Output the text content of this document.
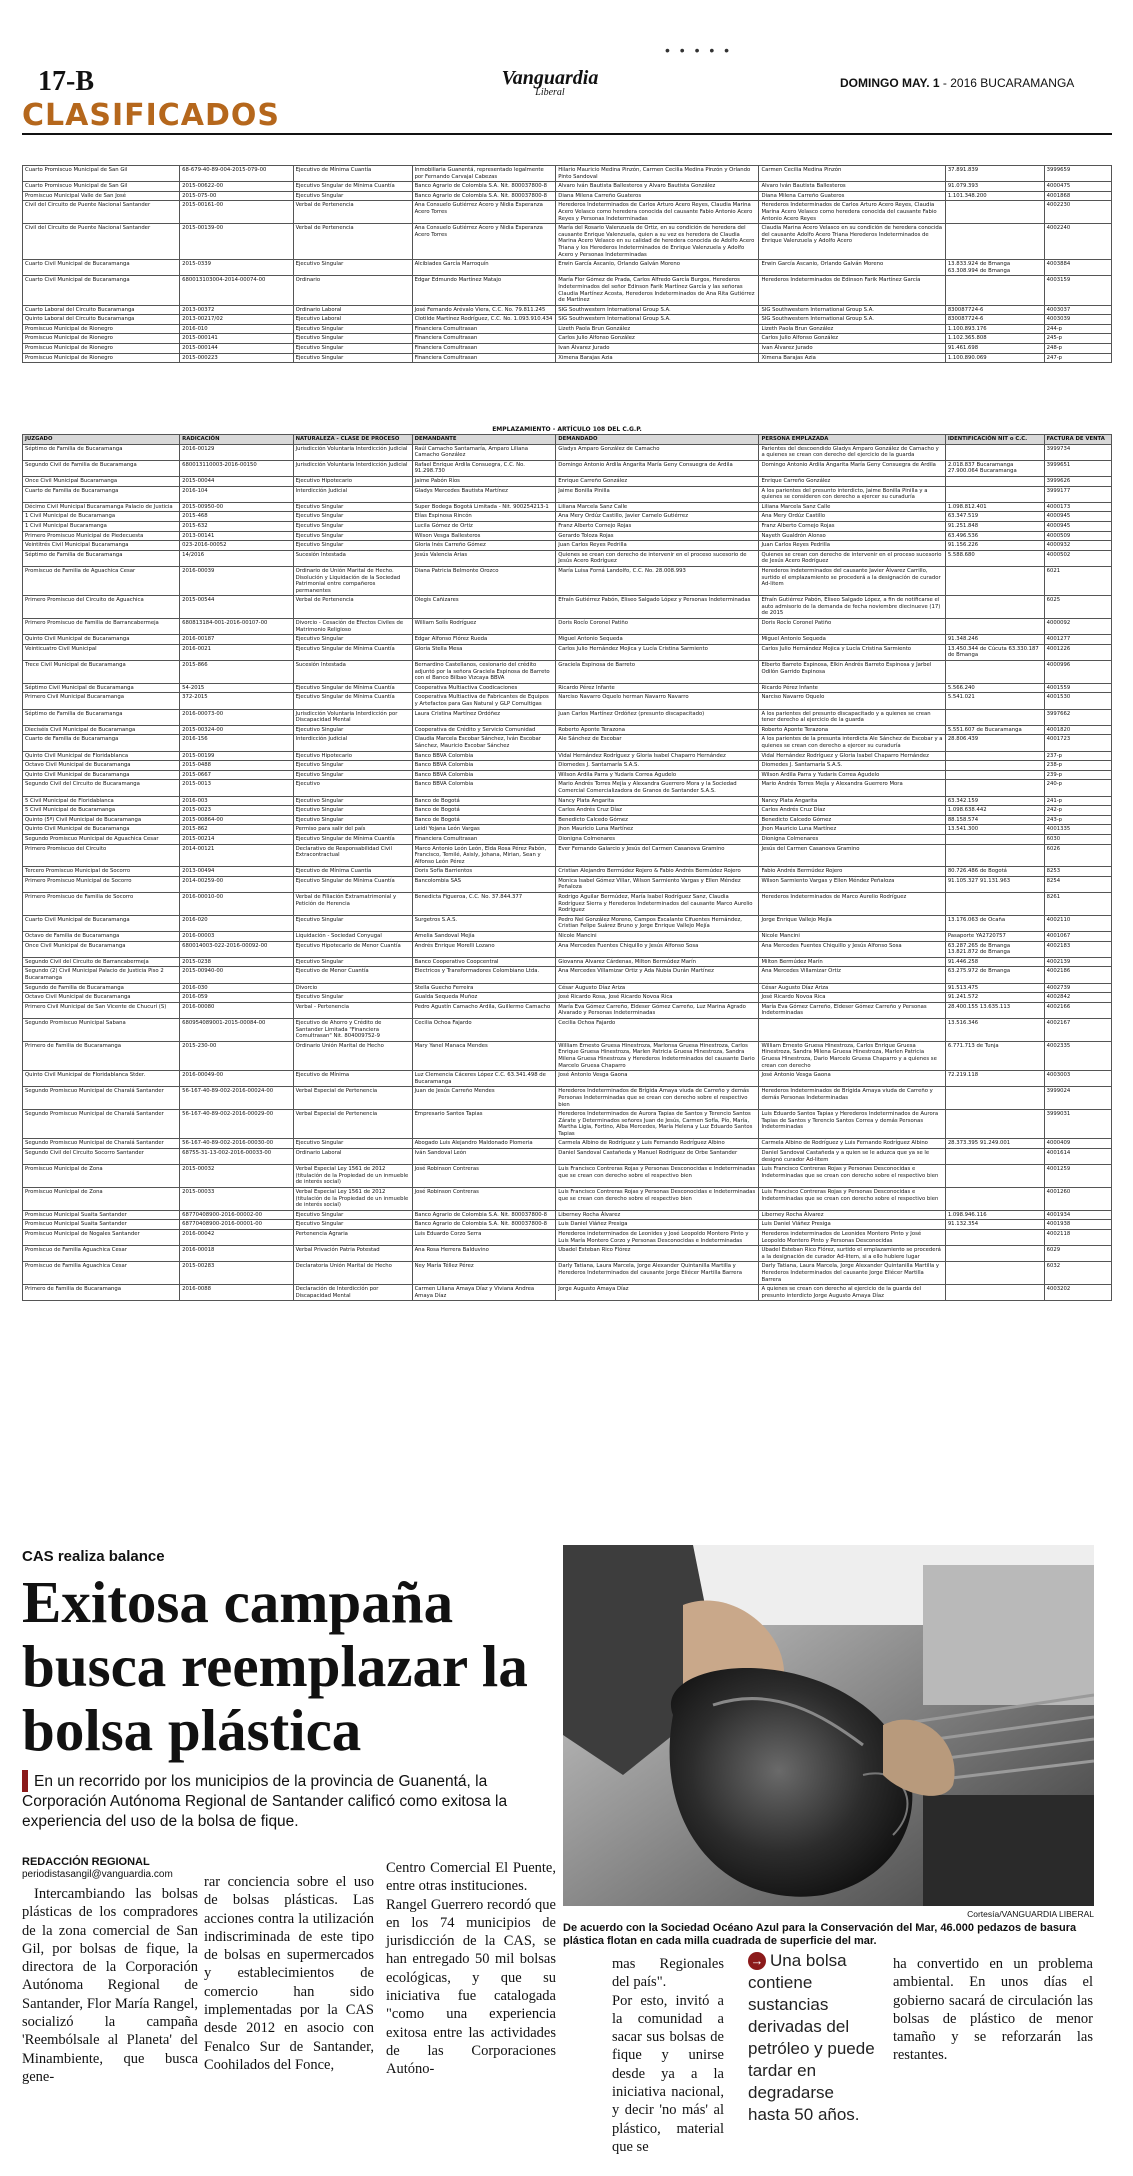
• • • • •
17-B	Vanguardia
Liberal
DOMINGO MAY. 1 - 2016 BUCARAMANGA
CLASIFICADOS
Cuarto Promiscuo Municipal de San Gil	68-679-40-89-004-2015-079-00	Ejecutivo de Mínima Cuantía	Inmobiliaria Guanentá, representado legalmente por Fernando Carvajal Cabezas	Hilario Mauricio Medina Pinzón, Carmen Cecilia Medina Pinzón y Orlando Pinto Sandoval	Carmen Cecilia Medina Pinzón	37.891.839	3999659
Cuarto Promiscuo Municipal de San Gil	2015-00622-00	Ejecutivo Singular de Mínima Cuantía	Banco Agrario de Colombia S.A. Nit. 800037800-8	Alvaro Iván Bautista Ballesteros y Alvaro Bautista González	Alvaro Iván Bautista Ballesteros	91.079.393	4000475
Promiscuo Municipal Valle de San José	2015-075-00	Ejecutivo Singular	Banco Agrario de Colombia S.A. Nit. 800037800-8	Diana Milena Carreño Guateros	Diana Milena Carreño Guateros	1.101.348.200	4001868
Civil del Circuito de Puente Nacional Santander	2015-00161-00	Verbal de Pertenencia	Ana Consuelo Gutiérrez Acero y Nidia Esperanza Acero Torres	Herederos Indeterminados de Carlos Arturo Acero Reyes, Claudia Marina Acero Velasco como heredera conocida del causante Fabio Antonio Acero Reyes y Personas Indeterminadas	Herederos Indeterminados de Carlos Arturo Acero Reyes, Claudia Marina Acero Velasco como heredera conocida del causante Fabio Antonio Acero Reyes		4002230
Civil del Circuito de Puente Nacional Santander	2015-00139-00	Verbal de Pertenencia	Ana Consuelo Gutiérrez Acero y Nidia Esperanza Acero Torres	María del Rosario Valenzuela de Ortiz, en su condición de heredera del causante Enrique Valenzuela, quien a su vez es heredera de Claudia Marina Acero Velasco en su calidad de heredera conocida de Adolfo Acero Triana y los Herederos Indeterminados de Enrique Valenzuela y Adolfo Acero y Personas Indeterminadas	Claudia Marina Acero Velasco en su condición de heredera conocida del causante Adolfo Acero Triana Herederos Indeterminados de Enrique Valenzuela y Adolfo Acero		4002240
Cuarto Civil Municipal de Bucaramanga	2015-0339	Ejecutivo Singular	Alcibiades García Marroquín	Erwin García Ascanio, Orlando Galván Moreno	Erwin García Ascanio, Orlando Galván Moreno	13.833.924 de Bmanga 63.308.994 de Bmanga	4003884
Cuarto Civil Municipal de Bucaramanga	680013103004-2014-00074-00	Ordinario	Edgar Edmundo Martínez Matajo	María Flor Gómez de Prada, Carlos Alfredo García Burgos, Herederos Indeterminados del señor Edinson Farik Martínez García y las señoras Claudia Martínez Acosta, Herederos Indeterminados de Ana Rita Gutiérrez de Martínez	Herederos Indeterminados de Edinson Farik Martínez García		4003159
Cuarto Laboral del Circuito Bucaramanga	2013-00372	Ordinario Laboral	José Fernando Arévalo Viera, C.C. No. 79.811.245	SIG Southwestern International Group S.A.	SIG Southwestern International Group S.A.	830087724-6	4003037
Quinto Laboral del Circuito Bucaramanga	2013-00217/02	Ejecutivo Laboral	Clotilde Martínez Rodríguez, C.C. No. 1.093.910.434	SIG Southwestern International Group S.A.	SIG Southwestern International Group S.A.	830087724-6	4003039
Promiscuo Municipal de Rionegro	2016-010	Ejecutivo Singular	Financiera Comultrasan	Lizeth Paola Brun González	Lizeth Paola Brun González	1.100.893.176	244-p
Promiscuo Municipal de Rionegro	2015-000141	Ejecutivo Singular	Financiera Comultrasan	Carlos Julio Alfonso González	Carlos Julio Alfonso González	1.102.365.808	245-p
Promiscuo Municipal de Rionegro	2015-000144	Ejecutivo Singular	Financiera Comultrasan	Ivan Álvarez Jurado	Ivan Álvarez Jurado	91.461.698	248-p
Promiscuo Municipal de Rionegro	2015-000223	Ejecutivo Singular	Financiera Comultrasan	Ximena Barajas Azia	Ximena Barajas Azia	1.100.890.069	247-p
EMPLAZAMIENTO - ARTÍCULO 108 DEL C.G.P.
JUZGADO	RADICACIÓN	NATURALEZA - CLASE DE PROCESO	DEMANDANTE	DEMANDADO	PERSONA EMPLAZADA	IDENTIFICACIÓN NIT o C.C.	FACTURA DE VENTA
Séptimo de Familia de Bucaramanga	2016-00129	Jurisdicción Voluntaria Interdicción Judicial	Raúl Camacho Santamaría, Amparo Liliana Camacho González	Gladys Amparo González de Camacho	Parientes del descoendido Gladys Amparo González de Camacho y a quienes se crean con derecho del ejercicio de la guarda		3999734
Segundo Civil de Familia de Bucaramanga	680013110003-2016-00150	Jurisdicción Voluntaria Interdicción Judicial	Rafael Enrique Ardila Consuegra, C.C. No. 91.298.730	Domingo Antonio Ardila Angarita María Geny Consuegra de Ardila	Domingo Antonio Ardila Angarita María Geny Consuegra de Ardila	2.018.837 Bucaramanga 27.900.064 Bucaramanga	3999651
Once Civil Municipal Bucaramanga	2015-00044	Ejecutivo Hipotecario	Jaime Pabón Ríos	Enrique Carreño González	Enrique Carreño González		3999626
Cuarto de Familia de Bucaramanga	2016-104	Interdicción Judicial	Gladys Mercedes Bautista Martínez	Jaime Bonilla Pinilla	A los parientes del presunto interdicto, Jaime Bonilla Pinilla y a quienes se consideren con derecho a ejercer su curaduría		3999177
Décimo Civil Municipal Bucaramanga Palacio de Justicia	2015-00950-00	Ejecutivo Singular	Super Bodega Bogotá Limitada - Nit. 900254213-1	Liliana Marcela Sanz Calle	Liliana Marcela Sanz Calle	1.098.812.401	4000173
1 Civil Municipal de Bucaramanga	2015-468	Ejecutivo Singular	Elías Espinosa Rincón	Ana Mery Ordúz Castillo, Javier Camelo Gutiérrez	Ana Mery Ordúz Castillo	63.347.519	4000945
1 Civil Municipal Bucaramanga	2015-632	Ejecutivo Singular	Lucila Gómez de Ortiz	Franz Alberto Cornejo Rojas	Franz Alberto Cornejo Rojas	91.251.848	4000945
Primero Promiscuo Municipal de Piedecuesta	2013-00141	Ejecutivo Singular	Wilson Vesga Ballesteros	Gerardo Toloza Rojas	Nayeth Gualdrón Alonso	63.496.536	4000509
Veintitrés Civil Municipal Bucaramanga	023-2016-00052	Ejecutivo Singular	Gloria Inés Carreño Gómez	Juan Carlos Reyes Pedrilla	Juan Carlos Reyes Pedrilla	91.156.226	4000932
Séptimo de Familia de Bucaramanga	14/2016	Sucesión Intestada	Jesús Valencia Arias	Quienes se crean con derecho de intervenir en el proceso sucesorio de Jesús Acero Rodríguez	Quienes se crean con derecho de intervenir en el proceso sucesorio de Jesús Acero Rodríguez	5.588.680	4000502
Promiscuo de Familia de Aguachica Cesar	2016-00039	Ordinario de Unión Marital de Hecho. Disolución y Liquidación de la Sociedad Patrimonial entre compañeros permanentes	Diana Patricia Belmonte Orozco	María Luisa Forná Landolfo, C.C. No. 28.008.993	Herederos indeterminados del causante Javier Álvarez Carrillo, surtido el emplazamiento se procederá a la designación de curador Ad-litem		6021
Primero Promiscuo del Circuito de Aguachica	2015-00544	Verbal de Pertenencia	Olegis Cañizares	Efraín Gutiérrez Pabón, Eliseo Salgado López y Personas Indeterminadas	Efraín Gutiérrez Pabón, Eliseo Salgado López, a fin de notificarse el auto admisorio de la demanda de fecha noviembre diecinueve (17) de 2015		6025
Primero Promiscuo de Familia de Barrancabermeja	680813184-001-2016-00107-00	Divorcio - Cesación de Efectos Civiles de Matrimonio Religioso	William Solís Rodríguez	Doris Rocío Coronel Patiño	Doris Rocío Coronel Patiño		4000092
Quinto Civil Municipal de Bucaramanga	2016-00187	Ejecutivo Singular	Edgar Alfonso Flórez Rueda	Miguel Antonio Sequeda	Miguel Antonio Sequeda	91.348.246	4001277
Veinticuatro Civil Municipal	2016-0021	Ejecutivo Singular de Mínima Cuantía	Gloria Stella Mesa	Carlos Julio Hernández Mojica y Lucía Cristina Sarmiento	Carlos Julio Hernández Mojica y Lucía Cristina Sarmiento	13.450.344 de Cúcuta 63.330.187 de Bmanga	4001226
Trece Civil Municipal de Bucaramanga	2015-866	Sucesión Intestada	Bernardino Castellanos, cesionario del crédito adjuntó por la señora Graciela Espinosa de Barreto con el Banco Bilbao Vizcaya BBVA	Graciela Espinosa de Barreto	Elberto Barreto Espinosa, Elkin Andrés Barreto Espinosa y Jarbel Odilón Garrido Espinosa		4000996
Séptimo Civil Municipal de Bucaramanga	54-2015	Ejecutivo Singular de Mínima Cuantía	Cooperativa Multiactiva Coodicaciones	Ricardo Pérez Infante	Ricardo Pérez Infante	5.566.240	4001559
Primero Civil Municipal Bucaramanga	372-2015	Ejecutivo Singular de Mínima Cuantía	Cooperativa Multiactiva de Fabricantes de Equipos y Artefactos para Gas Natural y GLP Comultigas	Narciso Navarro Oquelo herman Navarro Navarro	Narciso Navarro Oquelo	5.541.021	4001530
Séptimo de Familia de Bucaramanga	2016-00073-00	Jurisdicción Voluntaria Interdicción por Discapacidad Mental	Laura Cristina Martínez Ordóñez	Juan Carlos Martínez Ordóñez (presunto discapacitado)	A los parientes del presunto discapacitado y a quienes se crean tener derecho al ejercicio de la guarda		3997662
Dieciséis Civil Municipal de Bucaramanga	2015-00324-00	Ejecutivo Singular	Cooperativa de Crédito y Servicio Comunidad	Roberto Aponte Terazona	Roberto Aponte Terazona	5.551.607 de Bucaramanga	4001820
Cuarto de Familia de Bucaramanga	2016-156	Interdicción Judicial	Claudia Marcela Escobar Sánchez, Iván Escobar Sánchez, Mauricio Escobar Sánchez	Ale Sánchez de Escobar	A los parientes de la presunta interdicta Ale Sánchez de Escobar y a quienes se crean con derecho a ejercer su curaduría	28.806.439	4001723
Quinto Civil Municipal de Floridablanca	2015-00199	Ejecutivo Hipotecario	Banco BBVA Colombia	Vidal Hernández Rodríguez y Gloria Isabel Chaparro Hernández	Vidal Hernández Rodríguez y Gloria Isabel Chaparro Hernández		237-p
Octavo Civil Municipal de Bucaramanga	2015-0488	Ejecutivo Singular	Banco BBVA Colombia	Diomedes J. Santamaría S.A.S.	Diomedes J. Santamaría S.A.S.		238-p
Quinto Civil Municipal de Bucaramanga	2015-0667	Ejecutivo Singular	Banco BBVA Colombia	Wilson Ardila Parra y Yudaris Correa Agudelo	Wilson Ardila Parra y Yudaris Correa Agudelo		239-p
Segundo Civil del Circuito de Bucaramanga	2015-0013	Ejecutivo	Banco BBVA Colombia	Mario Andrés Torres Mejía y Alexandra Guerrero Mora y la Sociedad Comercial Comercializadora de Granos de Santander S.A.S.	Mario Andrés Torres Mejía y Alexandra Guerrero Mora		240-p
5 Civil Municipal de Floridablanca	2016-003	Ejecutivo Singular	Banco de Bogotá	Nancy Plata Angarita	Nancy Plata Angarita	63.342.159	241-p
5 Civil Municipal de Bucaramanga	2015-0023	Ejecutivo Singular	Banco de Bogotá	Carlos Andrés Cruz Díaz	Carlos Andrés Cruz Díaz	1.098.638.442	242-p
Quinto (5º) Civil Municipal de Bucaramanga	2015-00864-00	Ejecutivo Singular	Banco de Bogotá	Benedicto Calcedo Gómez	Benedicto Calcedo Gómez	88.158.574	243-p
Quinto Civil Municipal de Bucaramanga	2015-862	Permiso para salir del país	Leidi Yojana León Vargas	Jhon Mauricio Luna Martínez	Jhon Mauricio Luna Martínez	13.541.300	4001335
Segundo Promiscuo Municipal de Aguachica Cesar	2015-00214	Ejecutivo Singular de Mínima Cuantía	Financiera Comultrasan	Dionigna Colmenares	Dionigna Colmenares		6030
Primero Promiscuo del Circuito	2014-00121	Declarativo de Responsabilidad Civil Extracontractual	Marco Antonio León León, Elda Rosa Pérez Pabón, Francisco, Temilé, Asisly, Johana, Mirian, Sean y Alfonso León Pérez	Ever Fernando Galarcio y Jesús del Carmen Casanova Gramino	Jesús del Carmen Casanova Gramino		6026
Tercero Promiscuo Municipal de Socorro	2013-00494	Ejecutivo de Mínima Cuantía	Doris Sofía Barrientos	Cristian Alejandro Bermúdez Rojero & Fabio Andrés Bermúdez Rojero	Fabio Andrés Bermúdez Rojero	80.726.486 de Bogotá	8253
Primero Promiscuo Municipal de Socorro	2014-00259-00	Ejecutivo Singular de Mínima Cuantía	Bancolombia SAS	Monica Isabel Gómez Villar, Wilson Sarmiento Vargas y Ellen Méndez Peñaloza	Wilson Sarmiento Vargas y Ellen Méndez Peñaloza	91.105.327 91.131.963	8254
Primero Promiscuo de Familia de Socorro	2016-00010-00	Verbal de Filiación Extramatrimonial y Petición de Herencia	Benedicta Figueroa, C.C. No. 37.844.377	Rodrigo Aguilar Bermúdez, María Isabel Rodríguez Sanz, Claudia Rodríguez Sierra y Herederos Indeterminados del causante Marco Aurelio Rodríguez	Herederos Indeterminados de Marco Aurelio Rodríguez		8261
Cuarto Civil Municipal de Bucaramanga	2016-020	Ejecutivo Singular	Surgetros S.A.S.	Pedro Nel González Moreno, Campos Escalante Cifuentes Hernández, Cristian Felipe Suárez Bruno y Jorge Enrique Vallejo Mejía	Jorge Enrique Vallejo Mejía	13.176.063 de Ocaña	4002110
Octavo de Familia de Bucaramanga	2016-00003	Liquidación - Sociedad Conyugal	Amelia Sandoval Mejía	Nicole Mancini	Nicole Mancini	Pasaporte YA2720757	4001067
Once Civil Municipal de Bucaramanga	680014003-022-2016-00092-00	Ejecutivo Hipotecario de Menor Cuantía	Andrés Enrique Morelli Lozano	Ana Mercedes Fuentes Chiquillo y Jesús Alfonso Sosa	Ana Mercedes Fuentes Chiquillo y Jesús Alfonso Sosa	63.287.265 de Bmanga 13.821.872 de Bmanga	4002183
Segundo Civil del Circuito de Barrancabermeja	2015-0238	Ejecutivo Singular	Banco Cooperativo Coopcentral	Giovanna Alvarez Cárdenas, Milton Bermúdez Marín	Milton Bermúdez Marín	91.446.258	4002139
Segundo (2) Civil Municipal Palacio de Justicia Piso 2 Bucaramanga	2015-00940-00	Ejecutivo de Menor Cuantía	Electricos y Transformadores Colombiano Ltda.	Ana Mercedes Villamizar Ortiz y Ada Nubia Durán Martínez	Ana Mercedes Villamizar Ortiz	63.275.972 de Bmanga	4002186
Segundo de Familia de Bucaramanga	2016-030	Divorcio	Stella Guecho Ferreira	César Augusto Díaz Ariza	César Augusto Díaz Ariza	91.513.475	4002739
Octavo Civil Municipal de Bucaramanga	2016-059	Ejecutivo Singular	Gualda Sequeda Muñoz	José Ricardo Rosa, José Ricardo Novoa Rica	José Ricardo Novoa Rica	91.241.572	4002842
Primero Civil Municipal de San Vicente de Chucurí (S)	2016-00080	Verbal - Pertenencia	Pedro Agustín Camacho Ardila, Guillermo Camacho	María Eva Gómez Carreño, Eldeser Gómez Carreño, Luz Marina Agrado Alvarado y Personas Indeterminadas	María Eva Gómez Carreño, Eldeser Gómez Carreño y Personas Indeterminadas	28.400.155 13.635.113	4002166
Segundo Promiscuo Municipal Sabana	680954089001-2015-00084-00	Ejecutivo de Ahorro y Crédito de Santander Limitada "Financiera Comultrasan" Nit. 804009752-9	Cecilia Ochoa Fajardo	Cecilia Ochoa Fajardo		13.516.346	4002167
Primero de Familia de Bucaramanga	2015-230-00	Ordinario Unión Marital de Hecho	Mary Yanel Manaca Mendes	William Ernesto Gruesa Hinestroza, Marlonsa Gruesa Hinestroza, Carlos Enrique Gruesa Hinestroza, Marlen Patricia Gruesa Hinestroza, Sandra Milena Gruesa Hinestroza y Herederos Indeterminados del causante Dario Marcelo Gruesa Chaparro	William Ernesto Gruesa Hinestroza, Carlos Enrique Gruesa Hinestroza, Sandra Milena Gruesa Hinestroza, Marlen Patricia Gruesa Hinestroza, Dario Marcelo Gruesa Chaparro y a quienes se crean con derecho	6.771.713 de Tunja	4002335
Quinto Civil Municipal de Floridablanca Stder.	2016-00049-00	Ejecutivo de Mínima	Luz Clemencia Cáceres López C.C. 63.341.498 de Bucaramanga	José Antonio Vesga Gaona	José Antonio Vesga Gaona	72.219.118	4003003
Segundo Promiscuo Municipal de Charalá Santander	56-167-40-89-002-2016-00024-00	Verbal Especial de Pertenencia	Juan de Jesús Carreño Mendes	Herederos Indeterminados de Brígida Amaya viuda de Carreño y demás Personas Indeterminadas que se crean con derecho sobre el respectivo bien	Herederos Indeterminados de Brígida Amaya viuda de Carreño y demás Personas Indeterminadas		3999024
Segundo Promiscuo Municipal de Charalá Santander	56-167-40-89-002-2016-00029-00	Verbal Especial de Pertenencia	Empresario Santos Tapias	Herederos Indeterminados de Aurora Tapias de Santos y Terencio Santos Zárate y Determinados señores Juan de Jesús, Carmen Sofía, Pío, María, Martha Ligia, Fortino, Alba Mercedes, María Helena y Luz Eduardo Santos Tapias	Luis Eduardo Santos Tapias y Herederos Indeterminados de Aurora Tapias de Santos y Terencio Santos Correa y demás Personas Indeterminadas		3999031
Segundo Promiscuo Municipal de Charalá Santander	56-167-40-89-002-2016-00030-00	Ejecutivo Singular	Abogado Luis Alejandro Maldonado Plomeria	Carmela Albino de Rodríguez y Luis Fernando Rodríguez Albino	Carmela Albino de Rodríguez y Luis Fernando Rodríguez Albino	28.373.395 91.249.001	4000409
Segundo Civil del Circuito Socorro Santander	68755-31-13-002-2016-00033-00	Ordinario Laboral	Iván Sandoval León	Daniel Sandoval Castañeda y Manuel Rodríguez de Orbe Santander	Daniel Sandoval Castañeda y a quien se le aduzca que ya se le designó curador Ad-litem		4001614
Promiscuo Municipal de Zona	2015-00032	Verbal Especial Ley 1561 de 2012 (titulación de la Propiedad de un inmueble de interés social)	José Robinson Contreras	Luis Francisco Contreras Rojas y Personas Desconocidas e Indeterminadas que se crean con derecho sobre el respectivo bien	Luis Francisco Contreras Rojas y Personas Desconocidas e Indeterminadas que se crean con derecho sobre el respectivo bien		4001259
Promiscuo Municipal de Zona	2015-00033	Verbal Especial Ley 1561 de 2012 (titulación de la Propiedad de un inmueble de interés social)	José Robinson Contreras	Luis Francisco Contreras Rojas y Personas Desconocidas e Indeterminadas que se crean con derecho sobre el respectivo bien	Luis Francisco Contreras Rojas y Personas Desconocidas e Indeterminadas que se crean con derecho sobre el respectivo bien		4001260
Promiscuo Municipal Suaita Santander	68770408900-2016-00002-00	Ejecutivo Singular	Banco Agrario de Colombia S.A. Nit. 800037800-8	Liberney Rocha Álvarez	Liberney Rocha Álvarez	1.098.946.116	4001934
Promiscuo Municipal Suaita Santander	68770408900-2016-00001-00	Ejecutivo Singular	Banco Agrario de Colombia S.A. Nit. 800037800-8	Luis Daniel Viáñez Presiga	Luis Daniel Viáñez Presiga	91.132.354	4001938
Promiscuo Municipal de Nogales Santander	2016-00042	Pertenencia Agraria	Luis Eduardo Corzo Serra	Herederos indeterminados de Leonides y José Leopoldo Montero Pinto y Luis María Montero Corzo y Personas Desconocidas e Indeterminadas	Herederos indeterminados de Leonides Montero Pinto y José Leopoldo Montero Pinto y Personas Desconocidas		4002118
Promiscuo de Familia Aguachica Cesar	2016-00018	Verbal Privación Patria Potestad	Ana Rosa Herrera Balduvino	Ubadel Esteban Rico Flórez	Ubadel Esteban Rico Flórez, surtido el emplazamiento se procederá a la designación de curador Ad-litem, si a ello hubiere lugar		6029
Promiscuo de Familia Aguachica Cesar	2015-00283	Declaratoria Unión Marital de Hecho	Ney María Téllez Pérez	Darly Tatiana, Laura Marcela, Jorge Alexander Quintanilla Martilla y Herederos Indeterminados del causante Jorge Eliécer Martilla Barrera	Darly Tatiana, Laura Marcela, Jorge Alexander Quintanilla Martilla y Herederos Indeterminados del causante Jorge Eliécer Martilla Barrera		6032
Primero de Familia de Bucaramanga	2016-0088	Declaración de Interdicción por Discapacidad Mental	Carmen Liliana Amaya Díaz y Viviana Andrea Amaya Díaz	Jorge Augusto Amaya Díaz	A quienes se crean con derecho al ejercicio de la guarda del presunto interdicto Jorge Augusto Amaya Díaz		4003202
CAS realiza balance
Exitosa campaña busca reemplazar la bolsa plástica
Cortesía/VANGUARDIA LIBERAL
De acuerdo con la Sociedad Océano Azul para la Conservación del Mar, 46.000 pedazos de basura plástica flotan en cada milla cuadrada de superficie del mar.
En un recorrido por los municipios de la provincia de Guanentá, la Corporación Autónoma Regional de Santander calificó como exitosa la experiencia del uso de la bolsa de fique.
REDACCIÓN REGIONAL
periodistasangil@vanguardia.com

Intercambiando las bolsas plásticas de los compradores de la zona comercial de San Gil, por bolsas de fique, la directora de la Corporación Autónoma Regional de Santander, Flor María Rangel, socializó la campaña 'Reembólsale al Planeta' del Minambiente, que busca gene-

rar conciencia sobre el uso de bolsas plásticas. Las acciones contra la utilización indiscriminada de este tipo de bolsas en supermercados y establecimientos de comercio han sido implementadas por la CAS desde 2012 en asocio con Fenalco Sur de Santander, Coohilados del Fonce,

Centro Comercial El Puente, entre otras instituciones.

Rangel Guerrero recordó que en los 74 municipios de jurisdicción de la CAS, se han entregado 50 mil bolsas ecológicas, y que su iniciativa fue catalogada "como una experiencia exitosa entre las actividades de las Corporaciones Autóno-

mas Regionales del país".

Por esto, invitó a la comunidad a sacar sus bolsas de fique y unirse desde ya a la iniciativa nacional, y decir 'no más' al plástico, material que se

→ Una bolsa contiene sustancias derivadas del petróleo y puede tardar en degradarse hasta 50 años.

ha convertido en un problema ambiental. En unos días el gobierno sacará de circulación las bolsas de plástico de menor tamaño y se reforzarán las restantes.
